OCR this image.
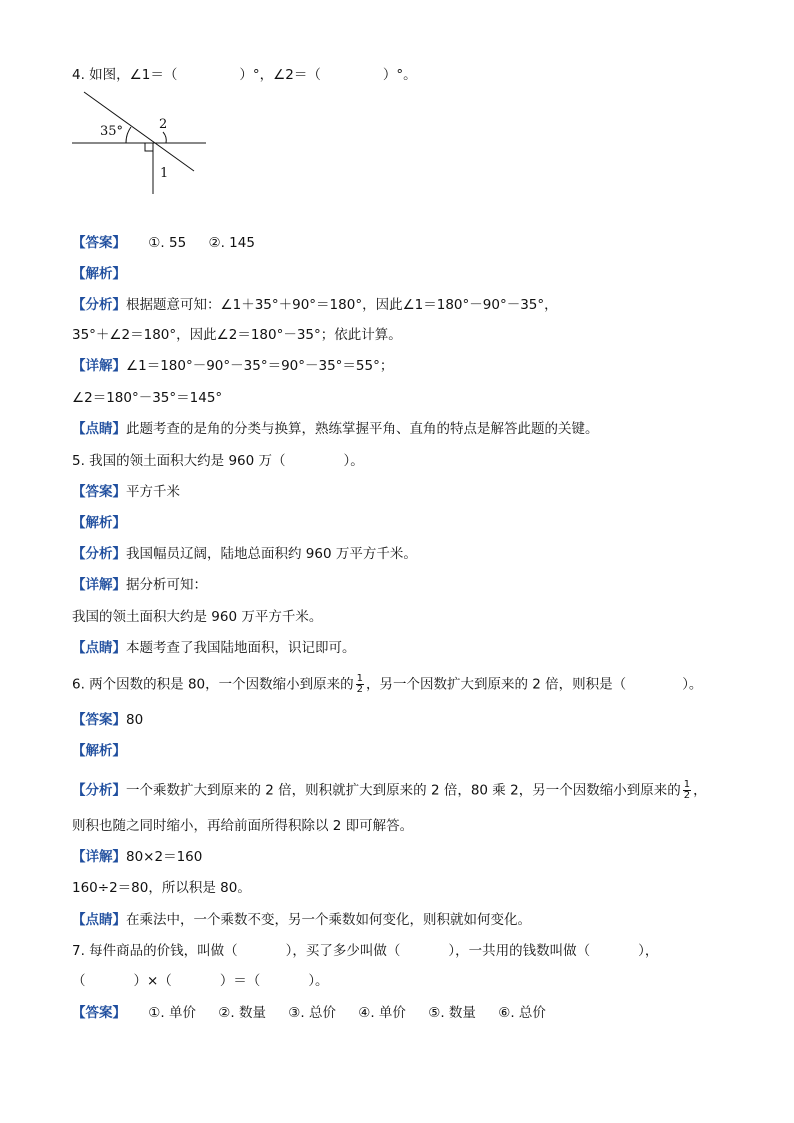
4. 如图，∠1＝（	）°，∠2＝（	）°。
35°	2
1
【答案】 ①. 55 ②. 145
【解析】
【分析】根据题意可知：∠1＋35°＋90°＝180°，因此∠1＝180°－90°－35°，
35°＋∠2＝180°，因此∠2＝180°－35°；依此计算。
【详解】∠1＝180°－90°－35°＝90°－35°＝55°；
∠2＝180°－35°＝145°
【点睛】此题考查的是角的分类与换算，熟练掌握平角、直角的特点是解答此题的关键。
5. 我国的领土面积大约是 960 万（	）。
【答案】平方千米
【解析】
【分析】我国幅员辽阔，陆地总面积约 960 万平方千米。
【详解】据分析可知：
我国的领土面积大约是 960 万平方千米。
【点睛】本题考查了我国陆地面积，识记即可。
6. 两个因数的积是 80，一个因数缩小到原来的 $\frac{1}{2}$ ，另一个因数扩大到原来的 2 倍，则积是（	）。
【答案】80
【解析】
【分析】一个乘数扩大到原来的 2 倍，则积就扩大到原来的 2 倍，80 乘 2，另一个因数缩小到原来的 $\frac{1}{2}$ ，
则积也随之同时缩小，再给前面所得积除以 2 即可解答。
【详解】80×2＝160
160÷2＝80，所以积是 80。
【点睛】在乘法中，一个乘数不变，另一个乘数如何变化，则积就如何变化。
7. 每件商品的价钱，叫做（	），买了多少叫做（	），一共用的钱数叫做（	），
（	）×（	）＝（	）。
【答案】 ①. 单价 ②. 数量 ③. 总价 ④. 单价 ⑤. 数量 ⑥. 总价
